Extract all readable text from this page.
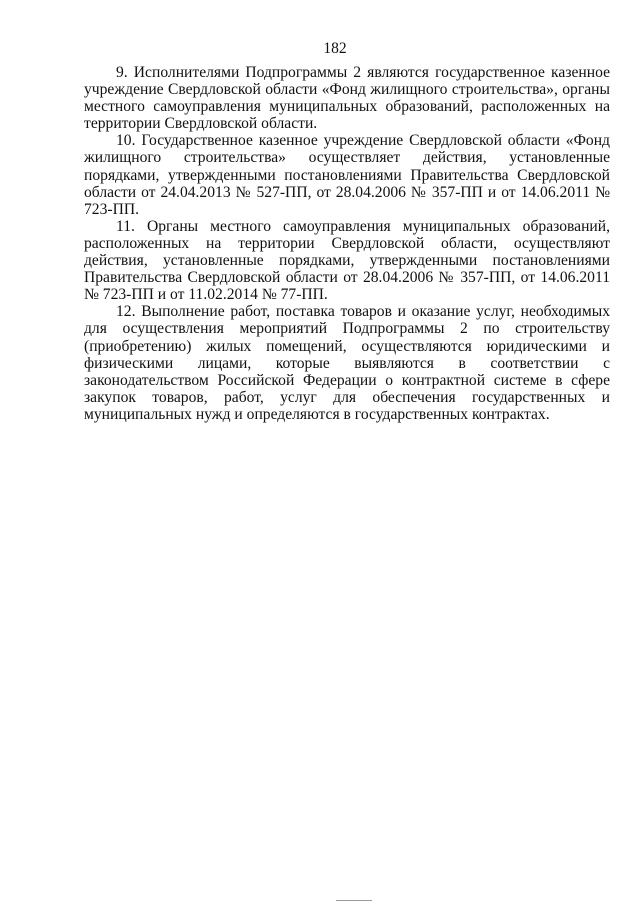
182

9. Исполнителями Подпрограммы 2 являются государственное казенное учреждение Свердловской области «Фонд жилищного строительства», органы местного самоуправления муниципальных образований, расположенных на территории Свердловской области.

10. Государственное казенное учреждение Свердловской области «Фонд жилищного строительства» осуществляет действия, установленные порядками, утвержденными постановлениями Правительства Свердловской области от 24.04.2013 № 527-ПП, от 28.04.2006 № 357-ПП и от 14.06.2011 № 723-ПП.

11. Органы местного самоуправления муниципальных образований, расположенных на территории Свердловской области, осуществляют действия, установленные порядками, утвержденными постановлениями Правительства Свердловской области от 28.04.2006 № 357-ПП, от 14.06.2011 № 723-ПП и от 11.02.2014 № 77-ПП.

12. Выполнение работ, поставка товаров и оказание услуг, необходимых для осуществления мероприятий Подпрограммы 2 по строительству (приобретению) жилых помещений, осуществляются юридическими и физическими лицами, которые выявляются в соответствии с законодательством Российской Федерации о контрактной системе в сфере закупок товаров, работ, услуг для обеспечения государственных и муниципальных нужд и определяются в государственных контрактах.
